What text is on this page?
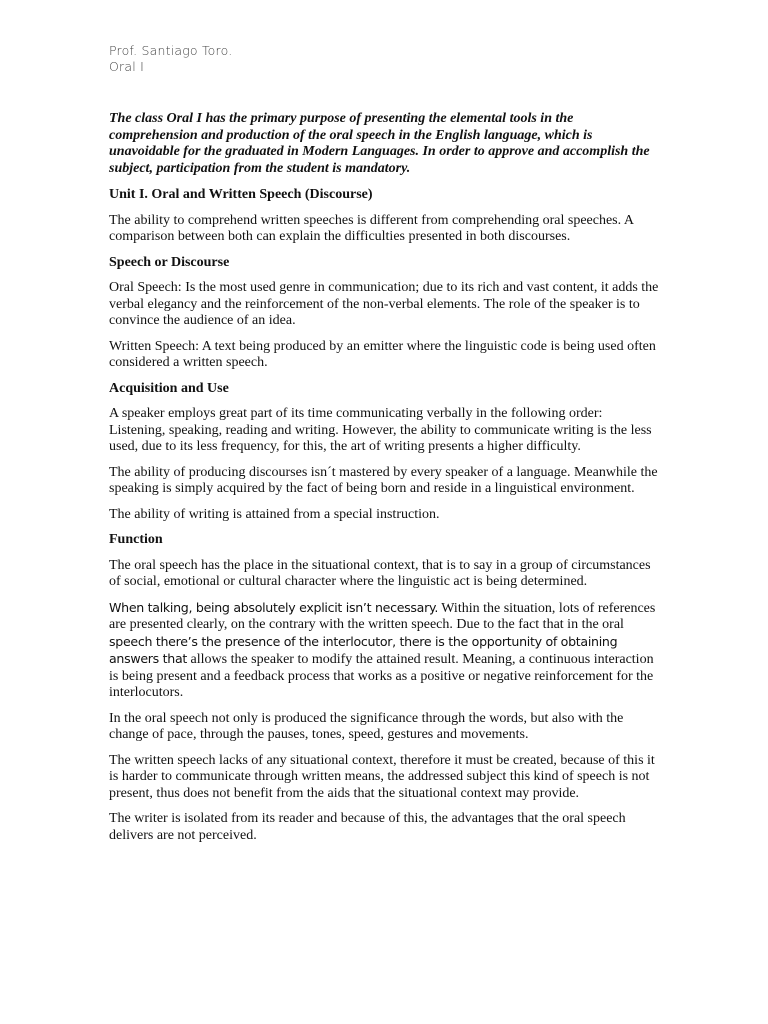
Prof. Santiago Toro.
Oral I

The class Oral I has the primary purpose of presenting the elemental tools in the comprehension and production of the oral speech in the English language, which is unavoidable for the graduated in Modern Languages. In order to approve and accomplish the subject, participation from the student is mandatory.

Unit I. Oral and Written Speech (Discourse)

The ability to comprehend written speeches is different from comprehending oral speeches. A comparison between both can explain the difficulties presented in both discourses.

Speech or Discourse

Oral Speech: Is the most used genre in communication; due to its rich and vast content, it adds the verbal elegancy and the reinforcement of the non-verbal elements. The role of the speaker is to convince the audience of an idea.

Written Speech: A text being produced by an emitter where the linguistic code is being used often considered a written speech.

Acquisition and Use

A speaker employs great part of its time communicating verbally in the following order: Listening, speaking, reading and writing. However, the ability to communicate writing is the less used, due to its less frequency, for this, the art of writing presents a higher difficulty.

The ability of producing discourses isn´t mastered by every speaker of a language. Meanwhile the speaking is simply acquired by the fact of being born and reside in a linguistical environment.

The ability of writing is attained from a special instruction.

Function

The oral speech has the place in the situational context, that is to say in a group of circumstances of social, emotional or cultural character where the linguistic act is being determined.

When talking, being absolutely explicit isn’t necessary. Within the situation, lots of references are presented clearly, on the contrary with the written speech. Due to the fact that in the oral speech there’s the presence of the interlocutor, there is the opportunity of obtaining answers that allows the speaker to modify the attained result. Meaning, a continuous interaction is being present and a feedback process that works as a positive or negative reinforcement for the interlocutors.

In the oral speech not only is produced the significance through the words, but also with the change of pace, through the pauses, tones, speed, gestures and movements.

The written speech lacks of any situational context, therefore it must be created, because of this it is harder to communicate through written means, the addressed subject this kind of speech is not present, thus does not benefit from the aids that the situational context may provide.

The writer is isolated from its reader and because of this, the advantages that the oral speech delivers are not perceived.
